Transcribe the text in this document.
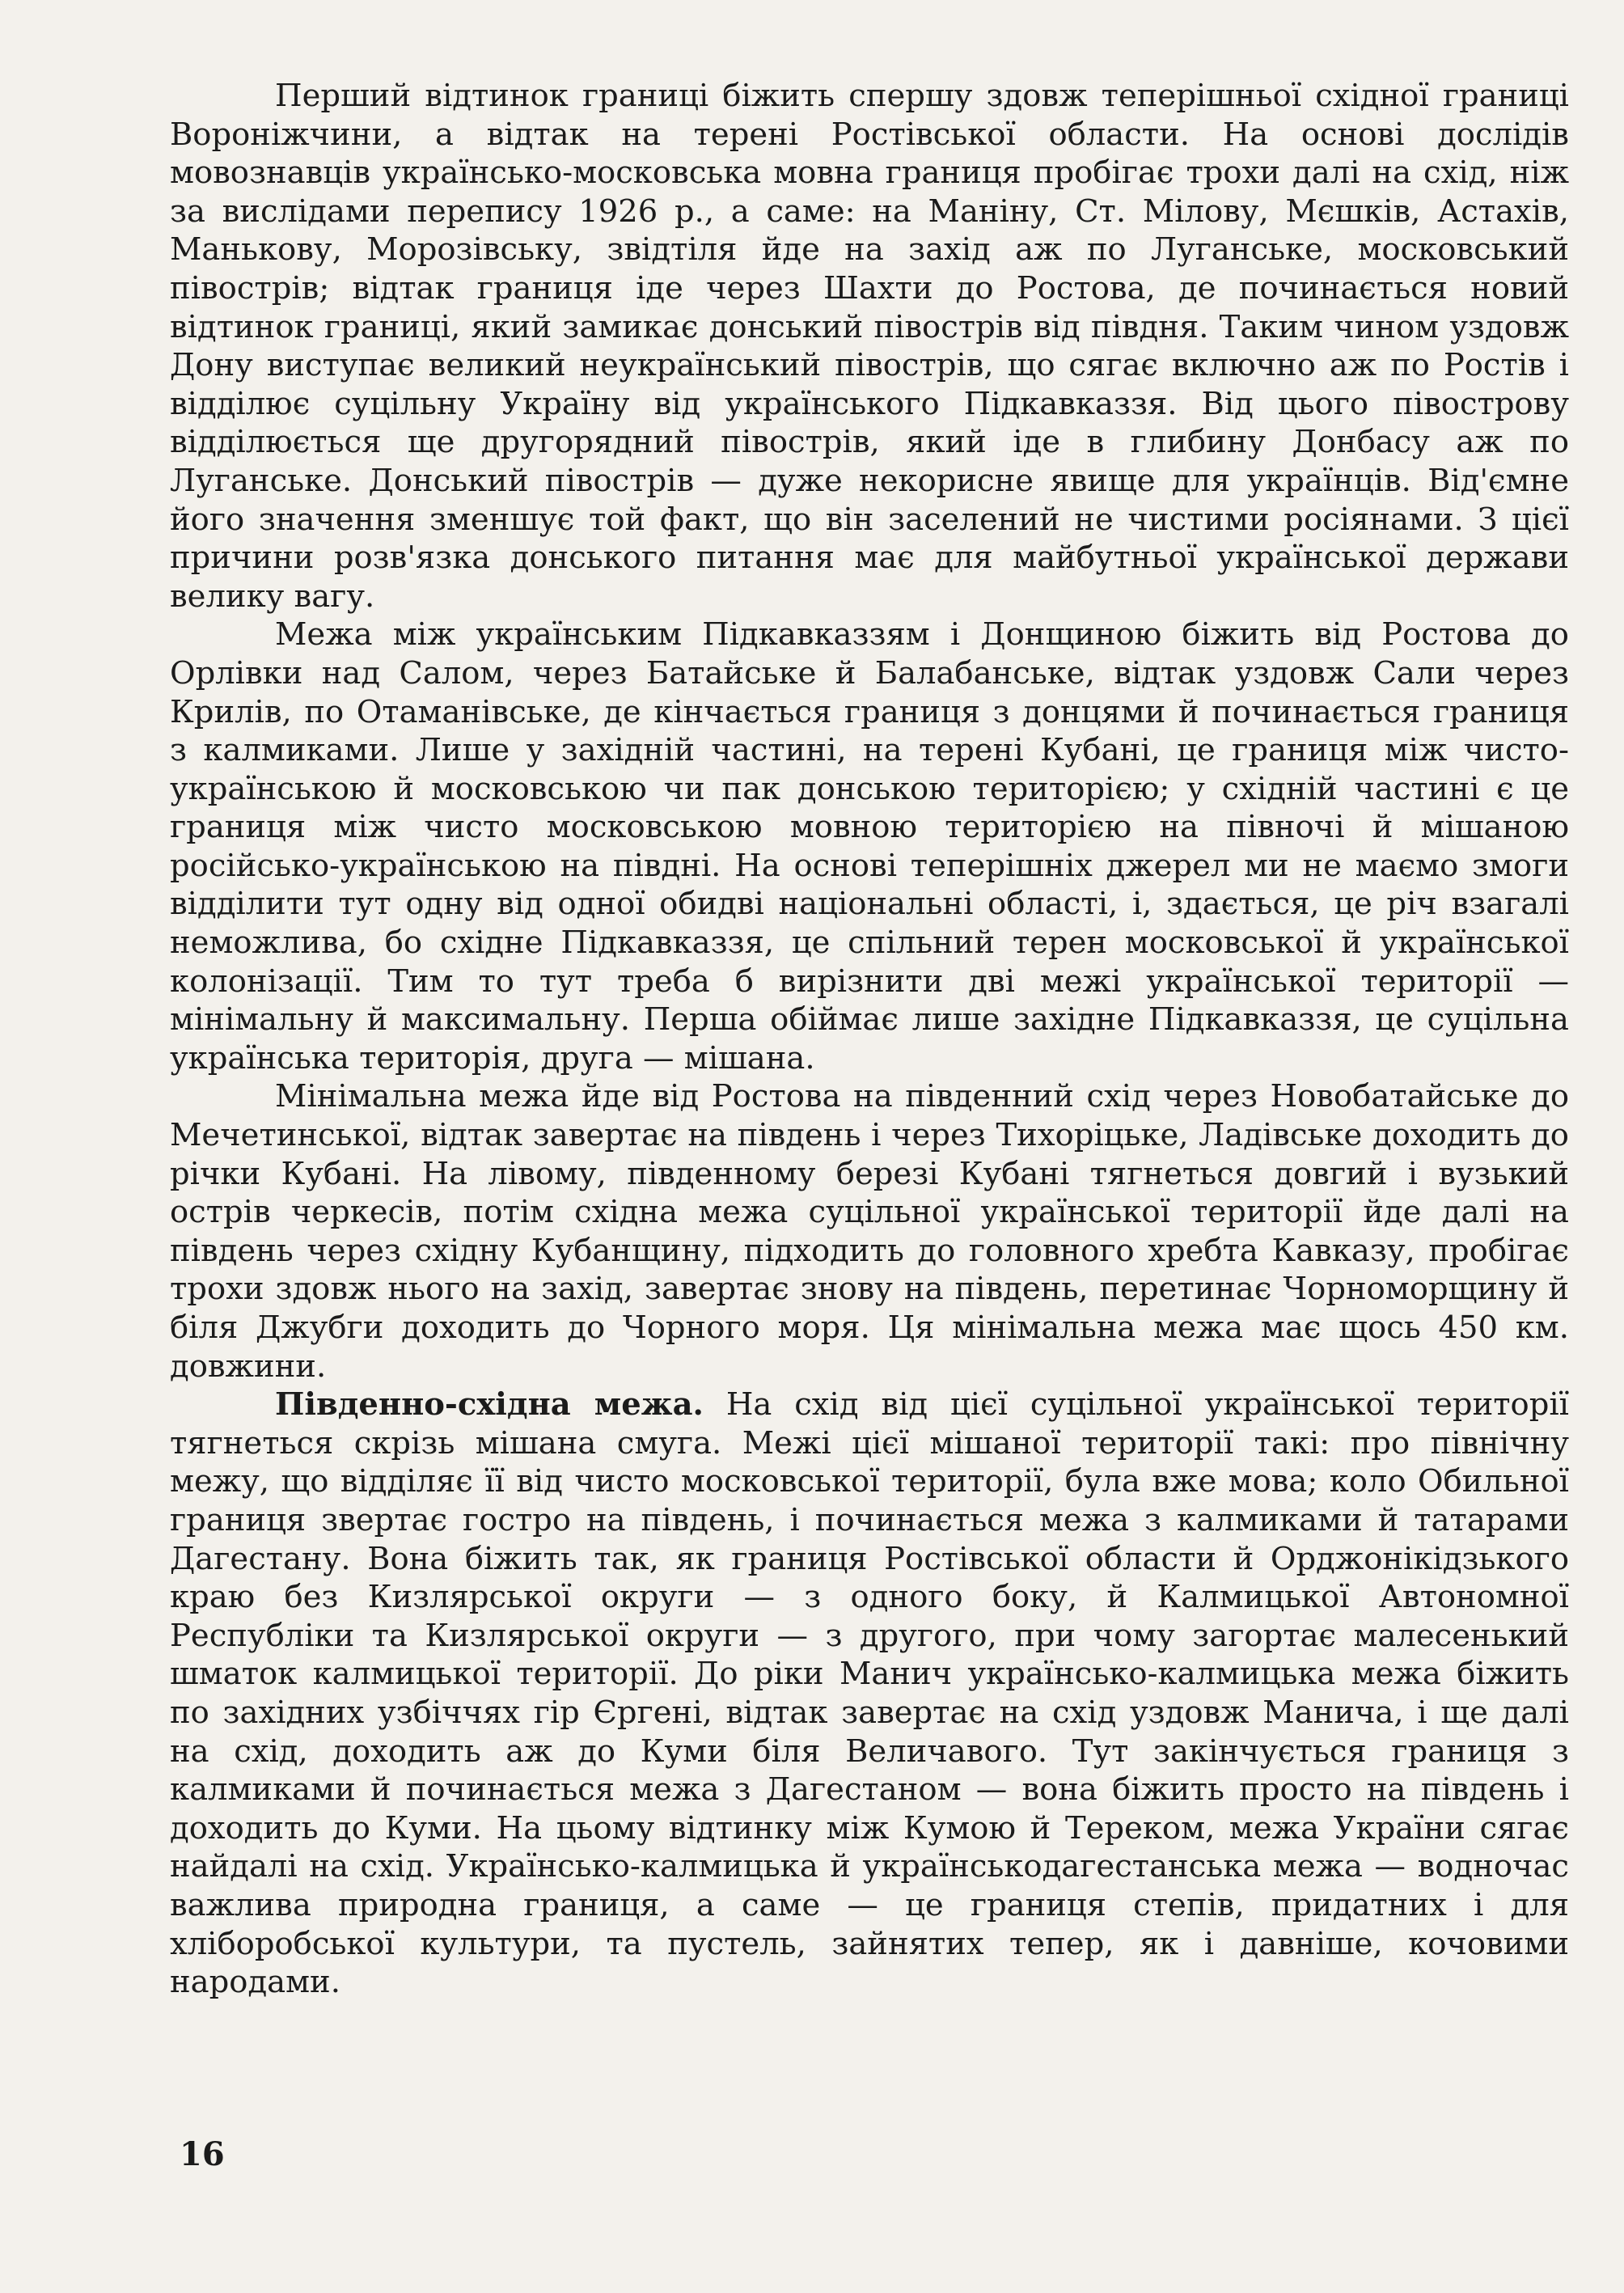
Перший відтинок границі біжить спершу здовж теперішньої східної границі Вороніжчини, а відтак на терені Ростівської области. На основі дослідів мовознавців українсько-московська мовна границя пробігає трохи далі на схід, ніж за вислідами перепису 1926 р., а саме: на Маніну, Ст. Мілову, Мєшків, Астахів, Манькову, Морозівську, звідтіля йде на захід аж по Луганське, московський півострів; відтак границя іде через Шахти до Ростова, де починається новий відтинок границі, який замикає донський півострів від півдня. Таким чином уздовж Дону виступає великий неукраїнський півострів, що сягає включно аж по Ростів і відділює суцільну Україну від українського Підкавказзя. Від цього півострову відділюється ще другорядний півострів, який іде в глибину Донбасу аж по Луганське. Донський півострів — дуже некорисне явище для українців. Від'ємне його значення зменшує той факт, що він заселений не чистими росіянами. З цієї причини розв'язка донського питання має для майбутньої української держави велику вагу.

Межа між українським Підкавказзям і Донщиною біжить від Ростова до Орлівки над Салом, через Батайське й Балабанське, відтак уздовж Сали через Крилів, по Отаманівське, де кінчається границя з донцями й починається границя з калмиками. Лише у західній частині, на терені Кубані, це границя між чисто-українською й московською чи пак донською територією; у східній частині є це границя між чисто московською мовною територією на півночі й мішаною російсько-українською на півдні. На основі теперішніх джерел ми не маємо змоги відділити тут одну від одної обидві національні області, і, здається, це річ взагалі неможлива, бо східне Підкавказзя, це спільний терен московської й української колонізації. Тим то тут треба б вирізнити дві межі української території — мінімальну й максимальну. Перша обіймає лише західне Підкавказзя, це суцільна українська територія, друга — мішана.

Мінімальна межа йде від Ростова на південний схід через Новобатайське до Мечетинської, відтак завертає на південь і через Тихоріцьке, Ладівське доходить до річки Кубані. На лівому, південному березі Кубані тягнеться довгий і вузький острів черкесів, потім східна межа суцільної української території йде далі на південь через східну Кубанщину, підходить до головного хребта Кавказу, пробігає трохи здовж нього на захід, завертає знову на південь, перетинає Чорноморщину й біля Джубги доходить до Чорного моря. Ця мінімальна межа має щось 450 км. довжини.

Південно-східна межа. На схід від цієї суцільної української території тягнеться скрізь мішана смуга. Межі цієї мішаної території такі: про північну межу, що відділяє її від чисто московської території, була вже мова; коло Обильної границя звертає гостро на південь, і починається межа з калмиками й татарами Дагестану. Вона біжить так, як границя Ростівської области й Орджонікідзького краю без Кизлярської округи — з одного боку, й Калмицької Автономної Республіки та Кизлярської округи — з другого, при чому загортає малесенький шматок калмицької території. До ріки Манич українсько-калмицька межа біжить по західних узбіччях гір Єргені, відтак завертає на схід уздовж Манича, і ще далі на схід, доходить аж до Куми біля Величавого. Тут закінчується границя з калмиками й починається межа з Дагестаном — вона біжить просто на південь і доходить до Куми. На цьому відтинку між Кумою й Тереком, межа України сягає найдалі на схід. Українсько-калмицька й українськодагестанська межа — водночас важлива природна границя, а саме — це границя степів, придатних і для хліборобської культури, та пустель, зайнятих тепер, як і давніше, кочовими народами.

16
